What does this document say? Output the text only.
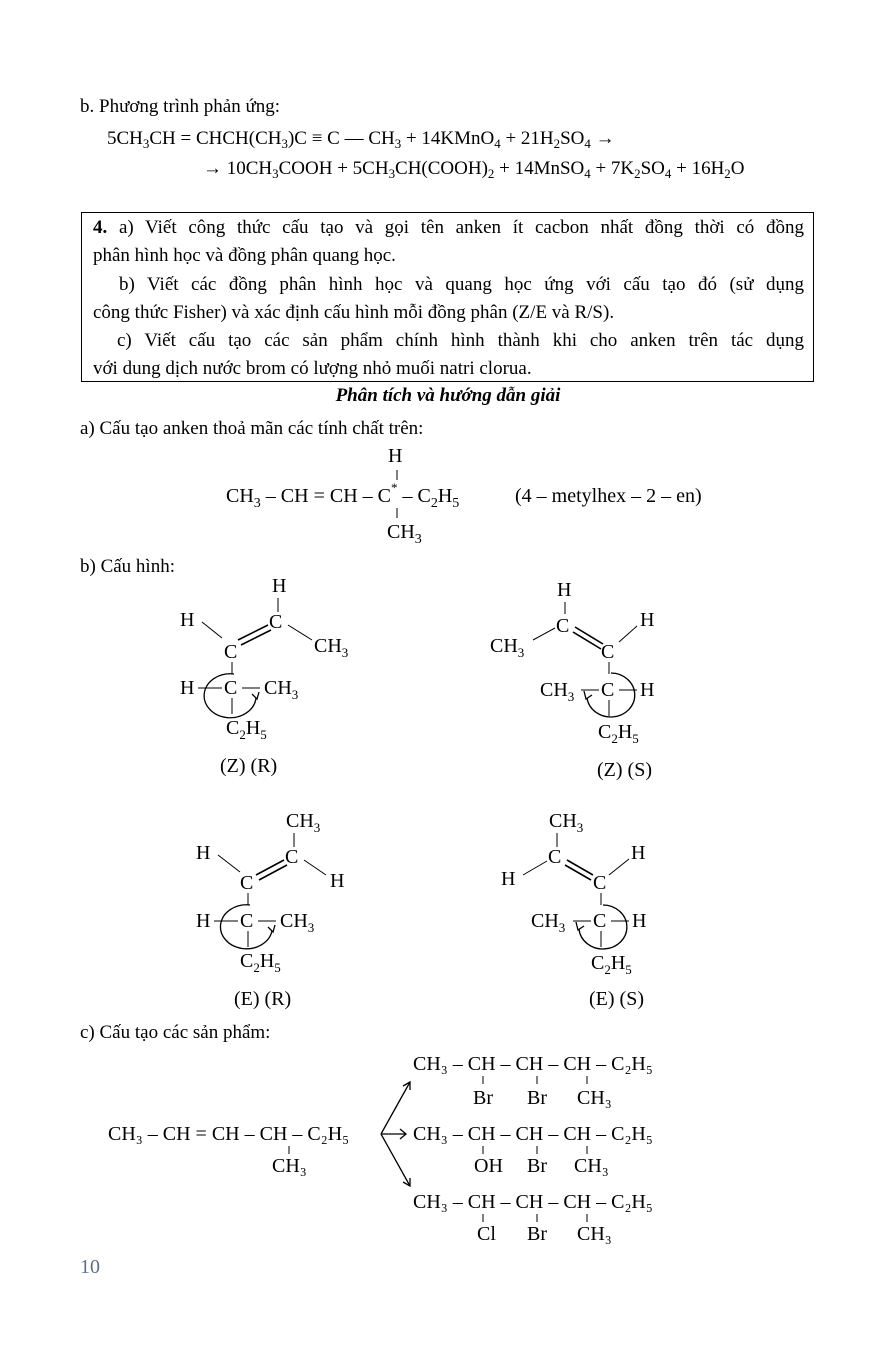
b. Phương trình phản ứng:
$5CH_3CH$ = $CHCH(CH_3)C \equiv C$ — $CH_3$ + 14KMnO$_4$ + $21H_2SO_4$ →
→ $10CH_3COOH$ + $5CH_3CH(COOH)_2$ + 14MnSO$_4$ + $7K_2SO_4 + 16H_2O$
4. a) Viết công thức cấu tạo và gọi tên anken ít cacbon nhất đồng thời có đồng
phân hình học và đồng phân quang học.
b) Viết các đồng phân hình học và quang học ứng với cấu tạo đó (sử dụng
công thức Fisher) và xác định cấu hình mỗi đồng phân (Z/E và R/S).
c) Viết cấu tạo các sản phẩm chính hình thành khi cho anken trên tác dụng
với dung dịch nước brom có lượng nhỏ muối natri clorua.
Phân tích và hướng dẫn giải
a) Cấu tạo anken thoả mãn các tính chất trên:
H
$CH_3$ – CH = CH – $C^* - C_2H_5$
$CH_3$
(4 – metylhex – 2 – en)
b) Cấu hình:
H
C
H
$CH_3$
C
H C $CH_3$
$C_2H_5$
(Z) (R)
H
C
$CH_3$
H
C
$CH_3$ C H
$C_2H_5$
(Z) (S)
$CH_3$
C
H
H
C
H C $CH_3$
$C_2H_5$
(E) (R)
$CH_3$
C
H
H
C
$CH_3$ C H
$C_2H_5$
(E) (S)
c) Cấu tạo các sản phẩm:
CH₃ – CH = CH – CH – C₂H₅
CH₃
CH₃ – CH – CH – CH – C₂H₅
Br Br CH₃
CH₃ – CH – CH – CH – C₂H₅
OH Br CH₃
CH₃ – CH – CH – CH – C₂H₅
Cl Br CH₃
10
